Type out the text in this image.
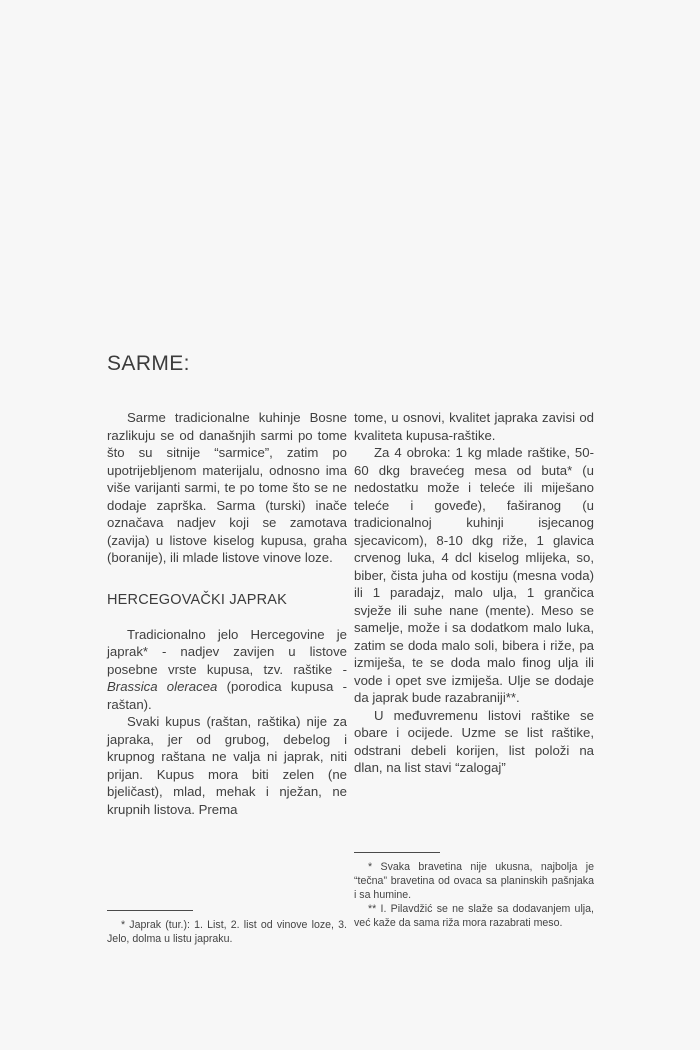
SARME:

Sarme tradicionalne kuhinje Bosne razlikuju se od današnjih sarmi po tome što su sitnije “sarmice”, zatim po upotrijebljenom materijalu, odnosno ima više varijanti sarmi, te po tome što se ne dodaje zaprška. Sarma (turski) inače označava nadjev koji se zamotava (zavija) u listove kiselog kupusa, graha (boranije), ili mlade listove vinove loze.

HERCEGOVAČKI JAPRAK

Tradicionalno jelo Hercegovine je japrak* - nadjev zavijen u listove posebne vrste kupusa, tzv. raštike - Brassica oleracea (porodica kupusa - raštan).

Svaki kupus (raštan, raštika) nije za japraka, jer od grubog, debelog i krupnog raštana ne valja ni japrak, niti prijan. Kupus mora biti zelen (ne bjeličast), mlad, mehak i nježan, ne krupnih listova. Prema

tome, u osnovi, kvalitet japraka zavisi od kvaliteta kupusa-raštike.

Za 4 obroka: 1 kg mlade raštike, 50-60 dkg bravećeg mesa od buta* (u nedostatku može i teleće ili miješano teleće i goveđe), faširanog (u tradicionalnoj kuhinji isjecanog sjecavicom), 8-10 dkg riže, 1 glavica crvenog luka, 4 dcl kiselog mlijeka, so, biber, čista juha od kostiju (mesna voda) ili 1 paradajz, malo ulja, 1 grančica svježe ili suhe nane (mente). Meso se samelje, može i sa dodatkom malo luka, zatim se doda malo soli, bibera i riže, pa izmiješa, te se doda malo finog ulja ili vode i opet sve izmiješa. Ulje se dodaje da japrak bude razabraniji**.

U međuvremenu listovi raštike se obare i ocijede. Uzme se list raštike, odstrani debeli korijen, list položi na dlan, na list stavi “zalogaj”

* Japrak (tur.): 1. List, 2. list od vinove loze, 3. Jelo, dolma u listu japraku.

* Svaka bravetina nije ukusna, najbolja je “tečna” bravetina od ovaca sa planinskih pašnjaka i sa humine.

** I. Pilavdžić se ne slaže sa dodavanjem ulja, već kaže da sama riža mora razabrati meso.
